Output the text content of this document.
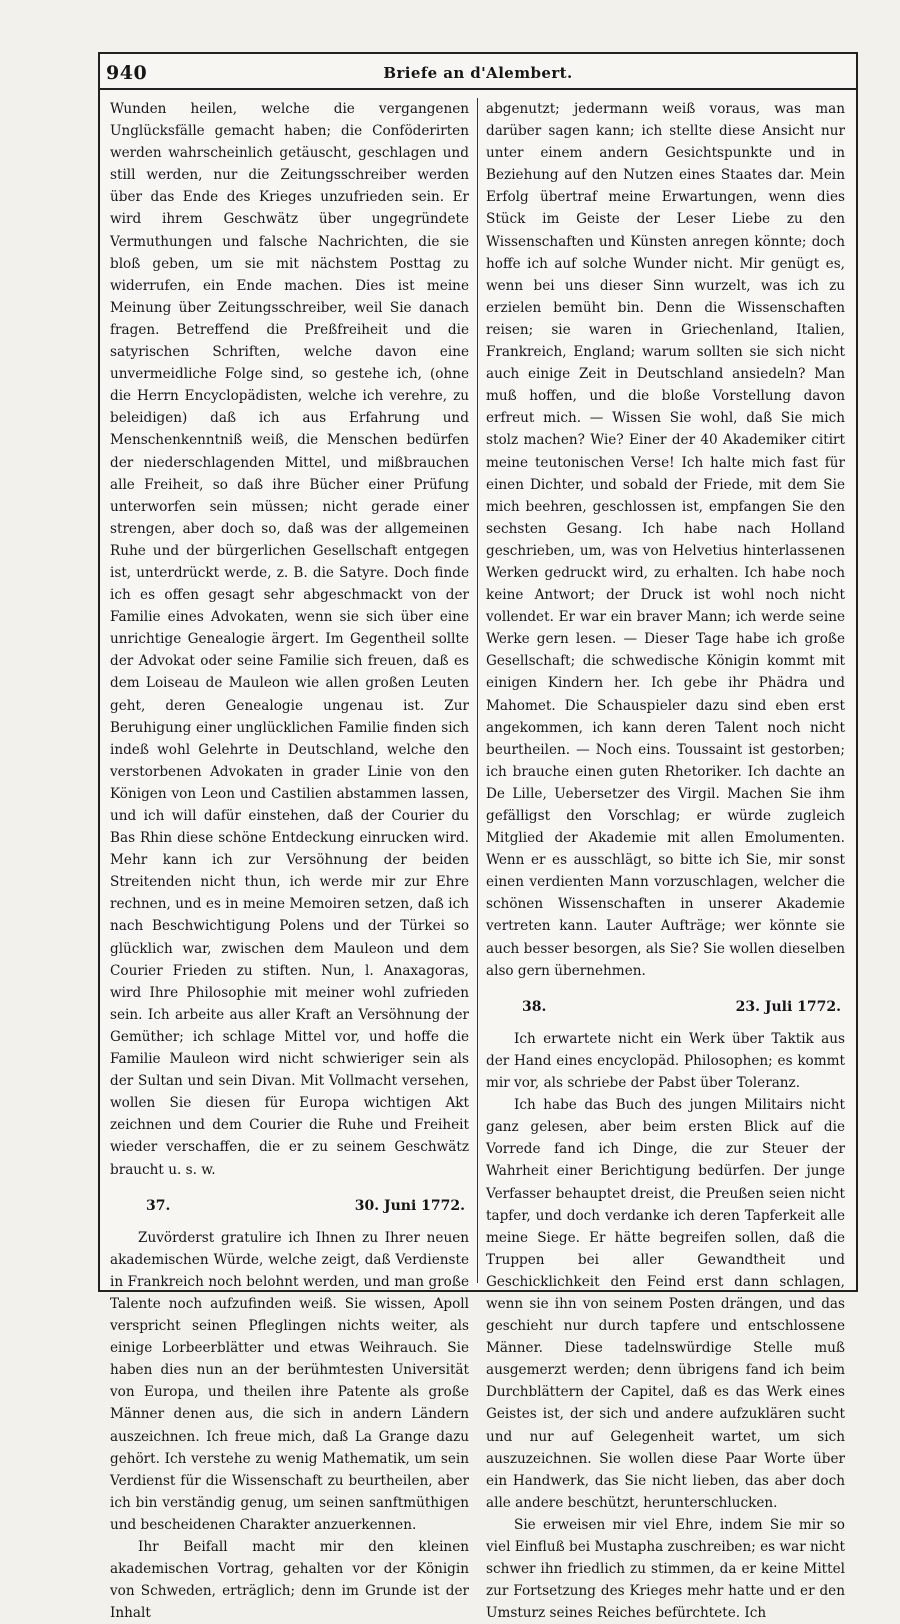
940	Briefe an d'Alembert.

Wunden heilen, welche die vergangenen Unglücksfälle gemacht haben; die Conföderirten werden wahrscheinlich getäuscht, geschlagen und still werden, nur die Zeitungsschreiber werden über das Ende des Krieges unzufrieden sein. Er wird ihrem Geschwätz über ungegründete Vermuthungen und falsche Nachrichten, die sie bloß geben, um sie mit nächstem Posttag zu widerrufen, ein Ende machen. Dies ist meine Meinung über Zeitungsschreiber, weil Sie danach fragen. Betreffend die Preßfreiheit und die satyrischen Schriften, welche davon eine unvermeidliche Folge sind, so gestehe ich, (ohne die Herrn Encyclopädisten, welche ich verehre, zu beleidigen) daß ich aus Erfahrung und Menschenkenntniß weiß, die Menschen bedürfen der niederschlagenden Mittel, und mißbrauchen alle Freiheit, so daß ihre Bücher einer Prüfung unterworfen sein müssen; nicht gerade einer strengen, aber doch so, daß was der allgemeinen Ruhe und der bürgerlichen Gesellschaft entgegen ist, unterdrückt werde, z. B. die Satyre. Doch finde ich es offen gesagt sehr abgeschmackt von der Familie eines Advokaten, wenn sie sich über eine unrichtige Genealogie ärgert. Im Gegentheil sollte der Advokat oder seine Familie sich freuen, daß es dem Loiseau de Mauleon wie allen großen Leuten geht, deren Genealogie ungenau ist. Zur Beruhigung einer unglücklichen Familie finden sich indeß wohl Gelehrte in Deutschland, welche den verstorbenen Advokaten in grader Linie von den Königen von Leon und Castilien abstammen lassen, und ich will dafür einstehen, daß der Courier du Bas Rhin diese schöne Entdeckung einrucken wird. Mehr kann ich zur Versöhnung der beiden Streitenden nicht thun, ich werde mir zur Ehre rechnen, und es in meine Memoiren setzen, daß ich nach Beschwichtigung Polens und der Türkei so glücklich war, zwischen dem Mauleon und dem Courier Frieden zu stiften. Nun, l. Anaxagoras, wird Ihre Philosophie mit meiner wohl zufrieden sein. Ich arbeite aus aller Kraft an Versöhnung der Gemüther; ich schlage Mittel vor, und hoffe die Familie Mauleon wird nicht schwieriger sein als der Sultan und sein Divan. Mit Vollmacht versehen, wollen Sie diesen für Europa wichtigen Akt zeichnen und dem Courier die Ruhe und Freiheit wieder verschaffen, die er zu seinem Geschwätz braucht u. s. w.

37.	30. Juni 1772.

Zuvörderst gratulire ich Ihnen zu Ihrer neuen akademischen Würde, welche zeigt, daß Verdienste in Frankreich noch belohnt werden, und man große Talente noch aufzufinden weiß. Sie wissen, Apoll verspricht seinen Pfleglingen nichts weiter, als einige Lorbeerblätter und etwas Weihrauch. Sie haben dies nun an der berühmtesten Universität von Europa, und theilen ihre Patente als große Männer denen aus, die sich in andern Ländern auszeichnen. Ich freue mich, daß La Grange dazu gehört. Ich verstehe zu wenig Mathematik, um sein Verdienst für die Wissenschaft zu beurtheilen, aber ich bin verständig genug, um seinen sanftmüthigen und bescheidenen Charakter anzuerkennen.

Ihr Beifall macht mir den kleinen akademischen Vortrag, gehalten vor der Königin von Schweden, erträglich; denn im Grunde ist der Inhalt

abgenutzt; jedermann weiß voraus, was man darüber sagen kann; ich stellte diese Ansicht nur unter einem andern Gesichtspunkte und in Beziehung auf den Nutzen eines Staates dar. Mein Erfolg übertraf meine Erwartungen, wenn dies Stück im Geiste der Leser Liebe zu den Wissenschaften und Künsten anregen könnte; doch hoffe ich auf solche Wunder nicht. Mir genügt es, wenn bei uns dieser Sinn wurzelt, was ich zu erzielen bemüht bin. Denn die Wissenschaften reisen; sie waren in Griechenland, Italien, Frankreich, England; warum sollten sie sich nicht auch einige Zeit in Deutschland ansiedeln? Man muß hoffen, und die bloße Vorstellung davon erfreut mich. — Wissen Sie wohl, daß Sie mich stolz machen? Wie? Einer der 40 Akademiker citirt meine teutonischen Verse! Ich halte mich fast für einen Dichter, und sobald der Friede, mit dem Sie mich beehren, geschlossen ist, empfangen Sie den sechsten Gesang. Ich habe nach Holland geschrieben, um, was von Helvetius hinterlassenen Werken gedruckt wird, zu erhalten. Ich habe noch keine Antwort; der Druck ist wohl noch nicht vollendet. Er war ein braver Mann; ich werde seine Werke gern lesen. — Dieser Tage habe ich große Gesellschaft; die schwedische Königin kommt mit einigen Kindern her. Ich gebe ihr Phädra und Mahomet. Die Schauspieler dazu sind eben erst angekommen, ich kann deren Talent noch nicht beurtheilen. — Noch eins. Toussaint ist gestorben; ich brauche einen guten Rhetoriker. Ich dachte an De Lille, Uebersetzer des Virgil. Machen Sie ihm gefälligst den Vorschlag; er würde zugleich Mitglied der Akademie mit allen Emolumenten. Wenn er es ausschlägt, so bitte ich Sie, mir sonst einen verdienten Mann vorzuschlagen, welcher die schönen Wissenschaften in unserer Akademie vertreten kann. Lauter Aufträge; wer könnte sie auch besser besorgen, als Sie? Sie wollen dieselben also gern übernehmen.

38.	23. Juli 1772.

Ich erwartete nicht ein Werk über Taktik aus der Hand eines encyclopäd. Philosophen; es kommt mir vor, als schriebe der Pabst über Toleranz.

Ich habe das Buch des jungen Militairs nicht ganz gelesen, aber beim ersten Blick auf die Vorrede fand ich Dinge, die zur Steuer der Wahrheit einer Berichtigung bedürfen. Der junge Verfasser behauptet dreist, die Preußen seien nicht tapfer, und doch verdanke ich deren Tapferkeit alle meine Siege. Er hätte begreifen sollen, daß die Truppen bei aller Gewandtheit und Geschicklichkeit den Feind erst dann schlagen, wenn sie ihn von seinem Posten drängen, und das geschieht nur durch tapfere und entschlossene Männer. Diese tadelnswürdige Stelle muß ausgemerzt werden; denn übrigens fand ich beim Durchblättern der Capitel, daß es das Werk eines Geistes ist, der sich und andere aufzuklären sucht und nur auf Gelegenheit wartet, um sich auszuzeichnen. Sie wollen diese Paar Worte über ein Handwerk, das Sie nicht lieben, das aber doch alle andere beschützt, herunterschlucken.

Sie erweisen mir viel Ehre, indem Sie mir so viel Einfluß bei Mustapha zuschreiben; es war nicht schwer ihn friedlich zu stimmen, da er keine Mittel zur Fortsetzung des Krieges mehr hatte und er den Umsturz seines Reiches befürchtete. Ich
